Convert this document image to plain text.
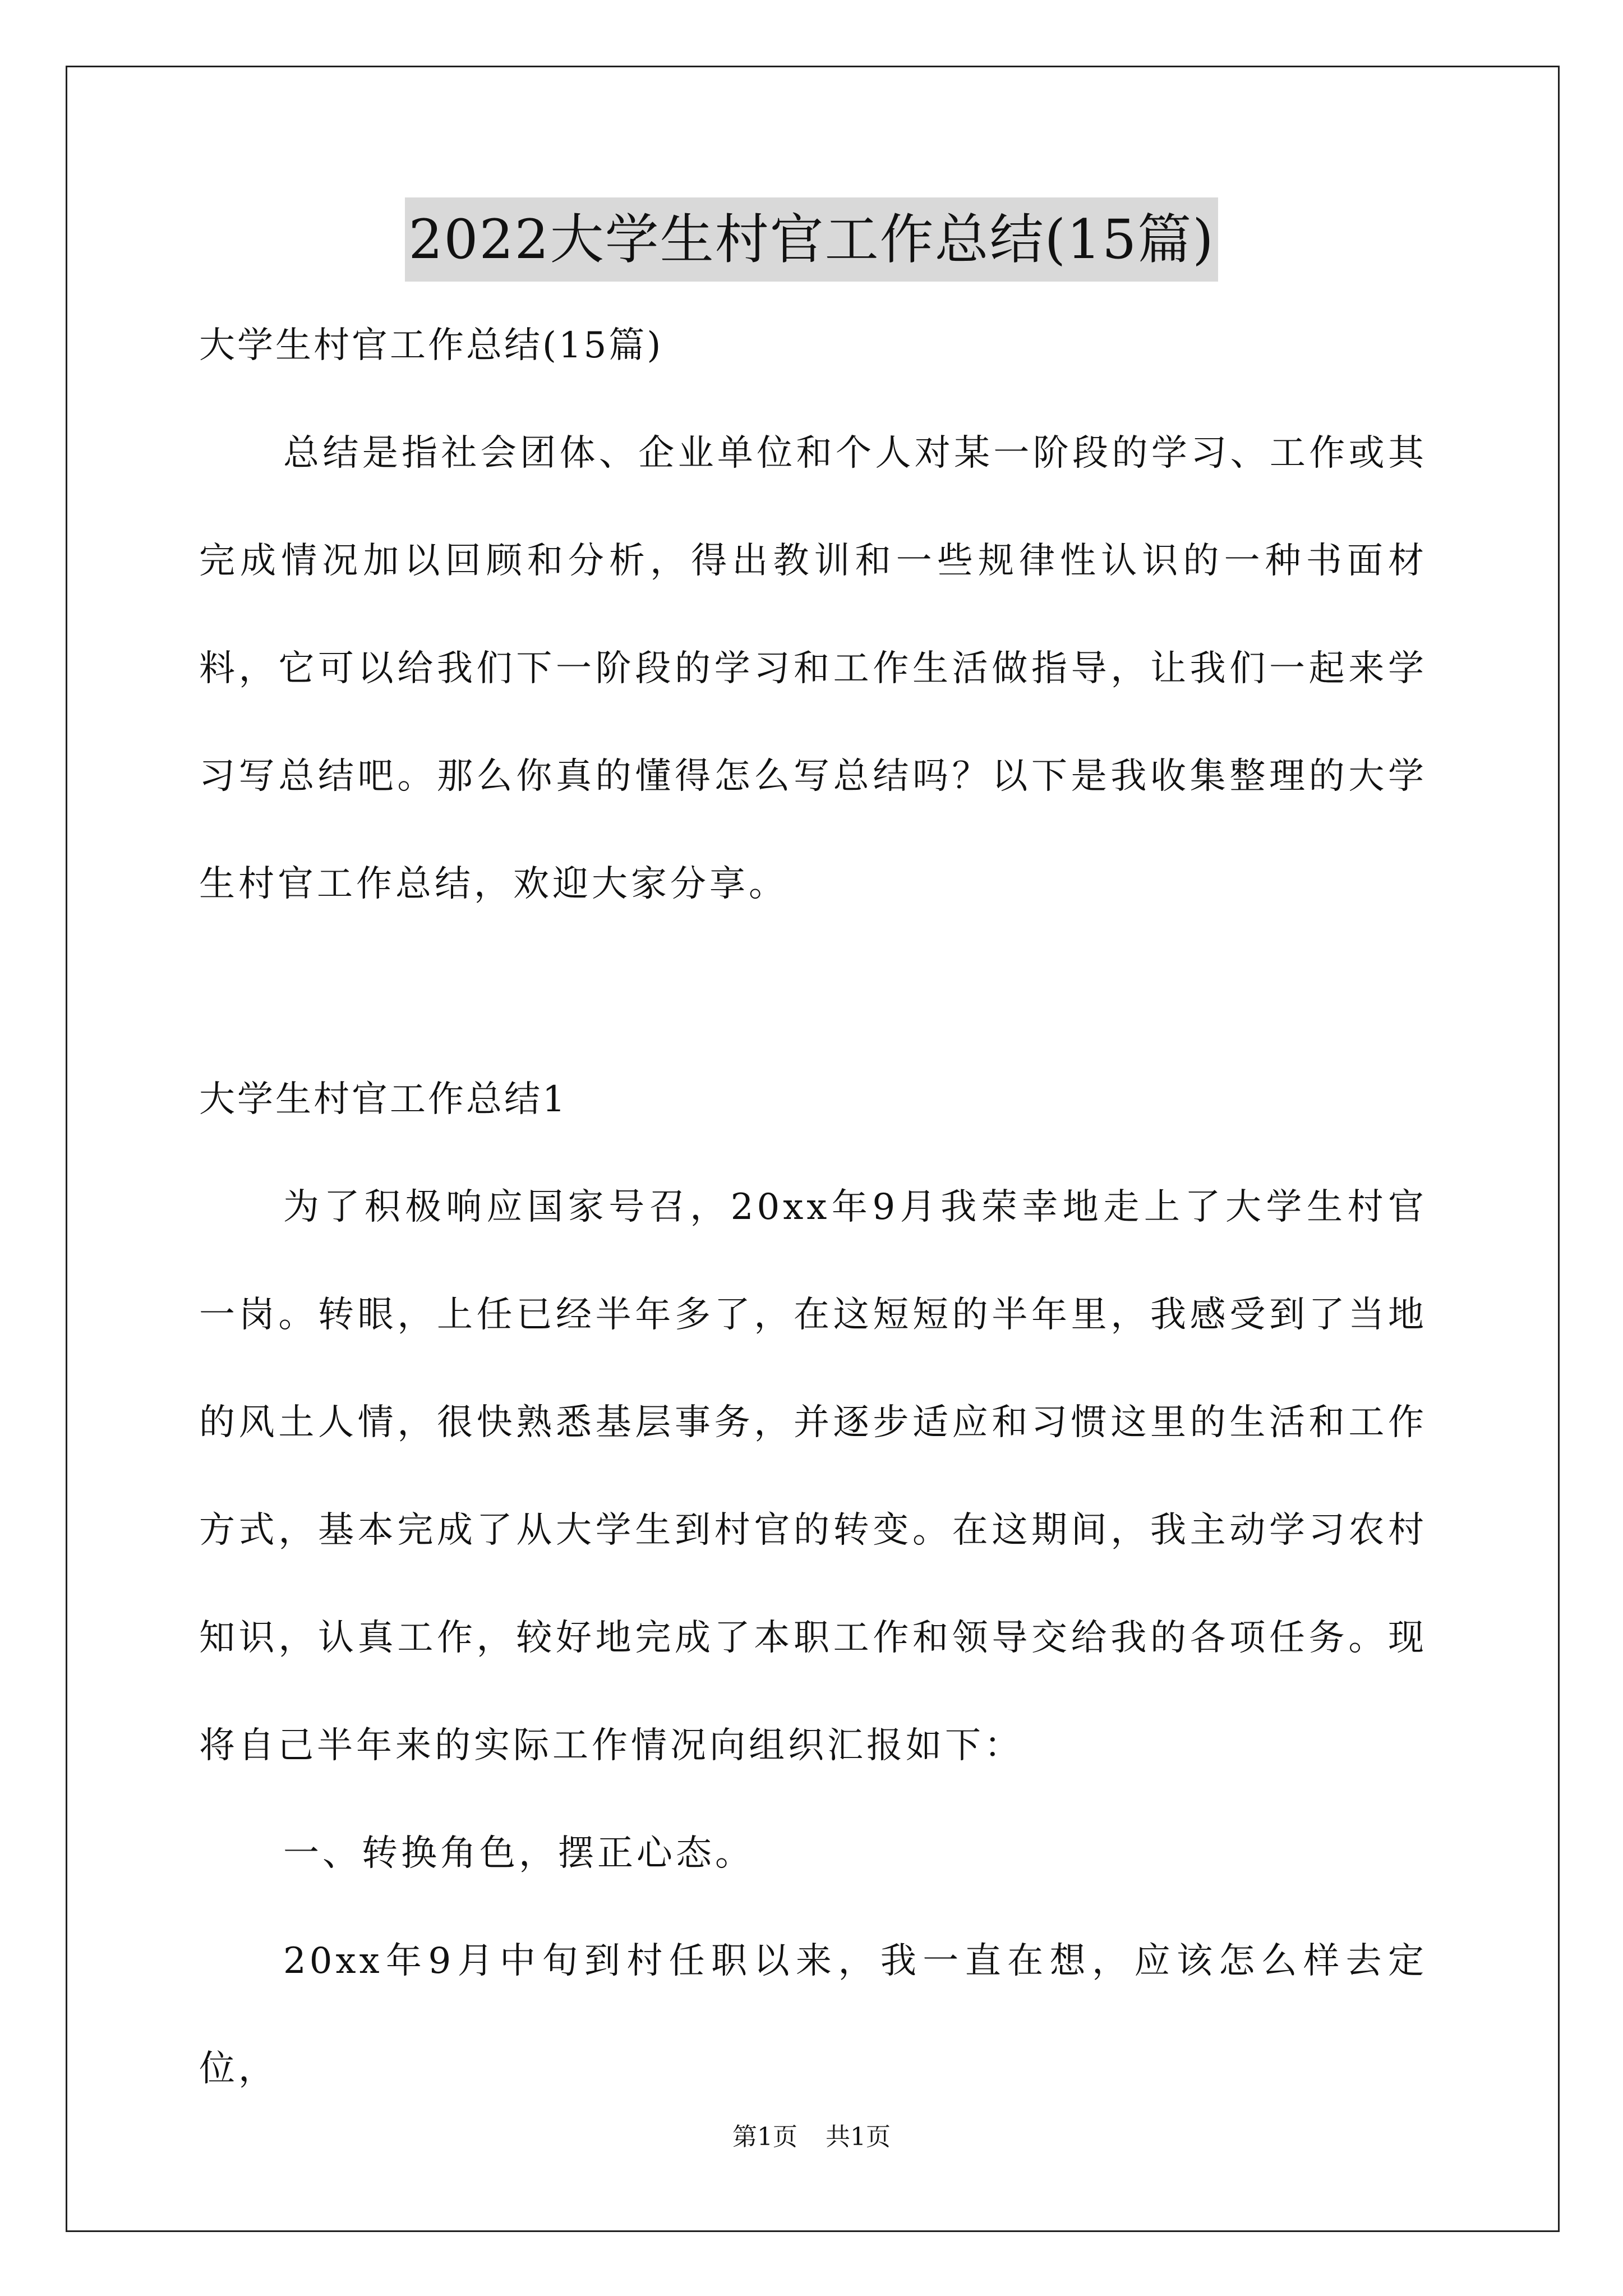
2022大学生村官工作总结(15篇)

大学生村官工作总结(15篇)

总结是指社会团体、企业单位和个人对某一阶段的学习、工作或其完成情况加以回顾和分析，得出教训和一些规律性认识的一种书面材料，它可以给我们下一阶段的学习和工作生活做指导，让我们一起来学习写总结吧。那么你真的懂得怎么写总结吗？以下是我收集整理的大学生村官工作总结，欢迎大家分享。

大学生村官工作总结1

为了积极响应国家号召，20xx年9月我荣幸地走上了大学生村官一岗。转眼，上任已经半年多了，在这短短的半年里，我感受到了当地的风土人情，很快熟悉基层事务，并逐步适应和习惯这里的生活和工作方式，基本完成了从大学生到村官的转变。在这期间，我主动学习农村知识，认真工作，较好地完成了本职工作和领导交给我的各项任务。现将自己半年来的实际工作情况向组织汇报如下：

一、转换角色，摆正心态。

20xx年9月中旬到村任职以来，我一直在想，应该怎么样去定位，

第1页 共1页
